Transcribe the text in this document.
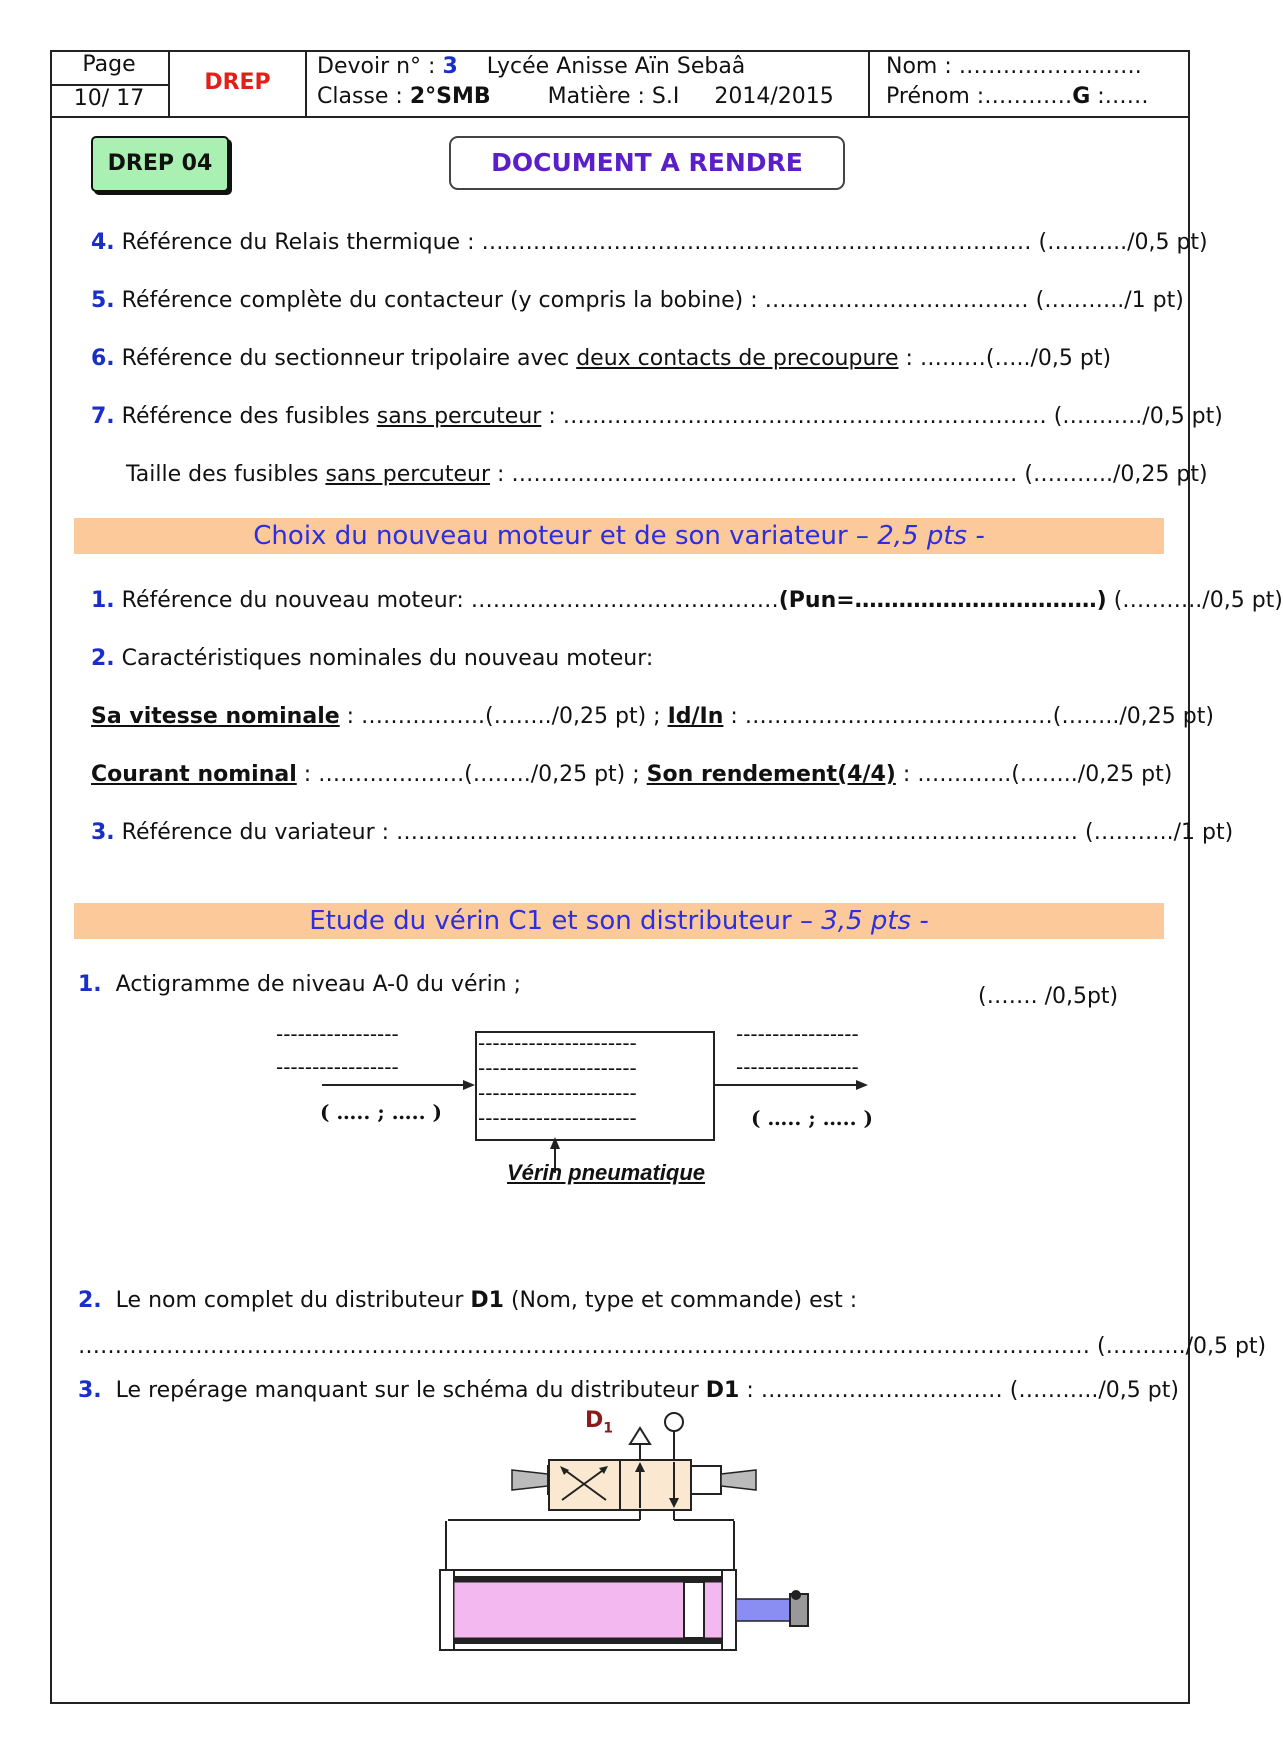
Page
10/ 17
DREP
Devoir n° : 3 Lycée Anisse Aïn Sebaâ
Classe : 2°SMB	Matière : S.I 2014/2015
Nom : …………………….
Prénom :…………G :……
DREP 04	DOCUMENT A RENDRE
4. Référence du Relais thermique : ………………………………………………………………… (………../0,5 pt)
5. Référence complète du contacteur (y compris la bobine) : ……………………………… (………../1 pt)
6. Référence du sectionneur tripolaire avec deux contacts de precoupure : ………(…../0,5 pt)
7. Référence des fusibles sans percuteur : ………………………………………………………… (………../0,5 pt)
Taille des fusibles sans percuteur : …………………………………………………………… (………../0,25 pt)
Choix du nouveau moteur et de son variateur – 2,5 pts -
1. Référence du nouveau moteur: ……………………………………(Pun=……………………………) (………../0,5 pt)
2. Caractéristiques nominales du nouveau moteur:
Sa vitesse nominale : ……………..(……../0,25 pt) ; Id/In : ……………………………………(……../0,25 pt)
Courant nominal : ………….…….(……../0,25 pt) ; Son rendement(4/4) : ……..…..(……../0,25 pt)
3. Référence du variateur : ………………………………………………………………………………… (………../1 pt)
Etude du vérin C1 et son distributeur – 3,5 pts -
1. Actigramme de niveau A-0 du vérin ;	(……. /0,5pt)
-----------------
-----------------
-----------------
-----------------
----------------------
----------------------
----------------------
----------------------
( ….. ; ….. )	( ….. ; ….. )
Vérin pneumatique
2. Le nom complet du distributeur D1 (Nom, type et commande) est :
………………………………………………………………………………………………………………………… (………../0,5 pt)
3. Le repérage manquant sur le schéma du distributeur D1 : …………………………… (………../0,5 pt)
$D_1$
